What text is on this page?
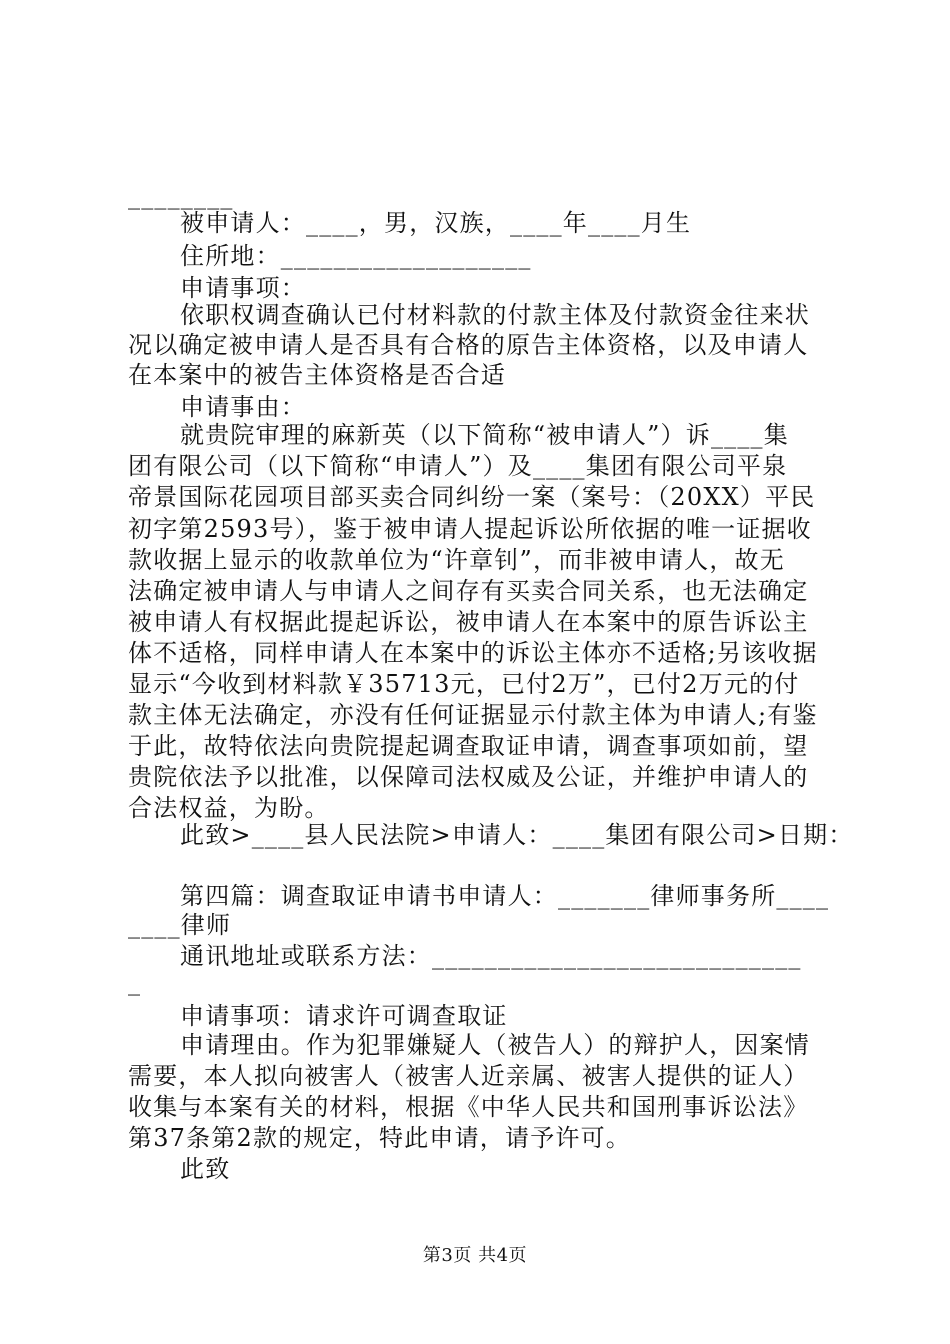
________
被申请人：____，男，汉族，____年____月生
住所地：___________________
申请事项：
依职权调查确认已付材料款的付款主体及付款资金往来状
况以确定被申请人是否具有合格的原告主体资格，以及申请人
在本案中的被告主体资格是否合适
申请事由：
就贵院审理的麻新英（以下简称“被申请人”）诉____集
团有限公司（以下简称“申请人”）及____集团有限公司平泉
帝景国际花园项目部买卖合同纠纷一案（案号：（20XX）平民
初字第2593号），鉴于被申请人提起诉讼所依据的唯一证据收
款收据上显示的收款单位为“许章钊”，而非被申请人，故无
法确定被申请人与申请人之间存有买卖合同关系，也无法确定
被申请人有权据此提起诉讼，被申请人在本案中的原告诉讼主
体不适格，同样申请人在本案中的诉讼主体亦不适格;另该收据
显示“今收到材料款￥35713元，已付2万”，已付2万元的付
款主体无法确定，亦没有任何证据显示付款主体为申请人;有鉴
于此，故特依法向贵院提起调查取证申请，调查事项如前，望
贵院依法予以批准，以保障司法权威及公证，并维护申请人的
合法权益，为盼。
此致>____县人民法院>申请人：____集团有限公司>日期：
第四篇：调查取证申请书申请人：_______律师事务所____
____律师
通讯地址或联系方法：____________________________
_
申请事项：请求许可调查取证
申请理由。作为犯罪嫌疑人（被告人）的辩护人，因案情
需要，本人拟向被害人（被害人近亲属、被害人提供的证人）
收集与本案有关的材料，根据《中华人民共和国刑事诉讼法》
第37条第2款的规定，特此申请，请予许可。
此致
第3页 共4页
